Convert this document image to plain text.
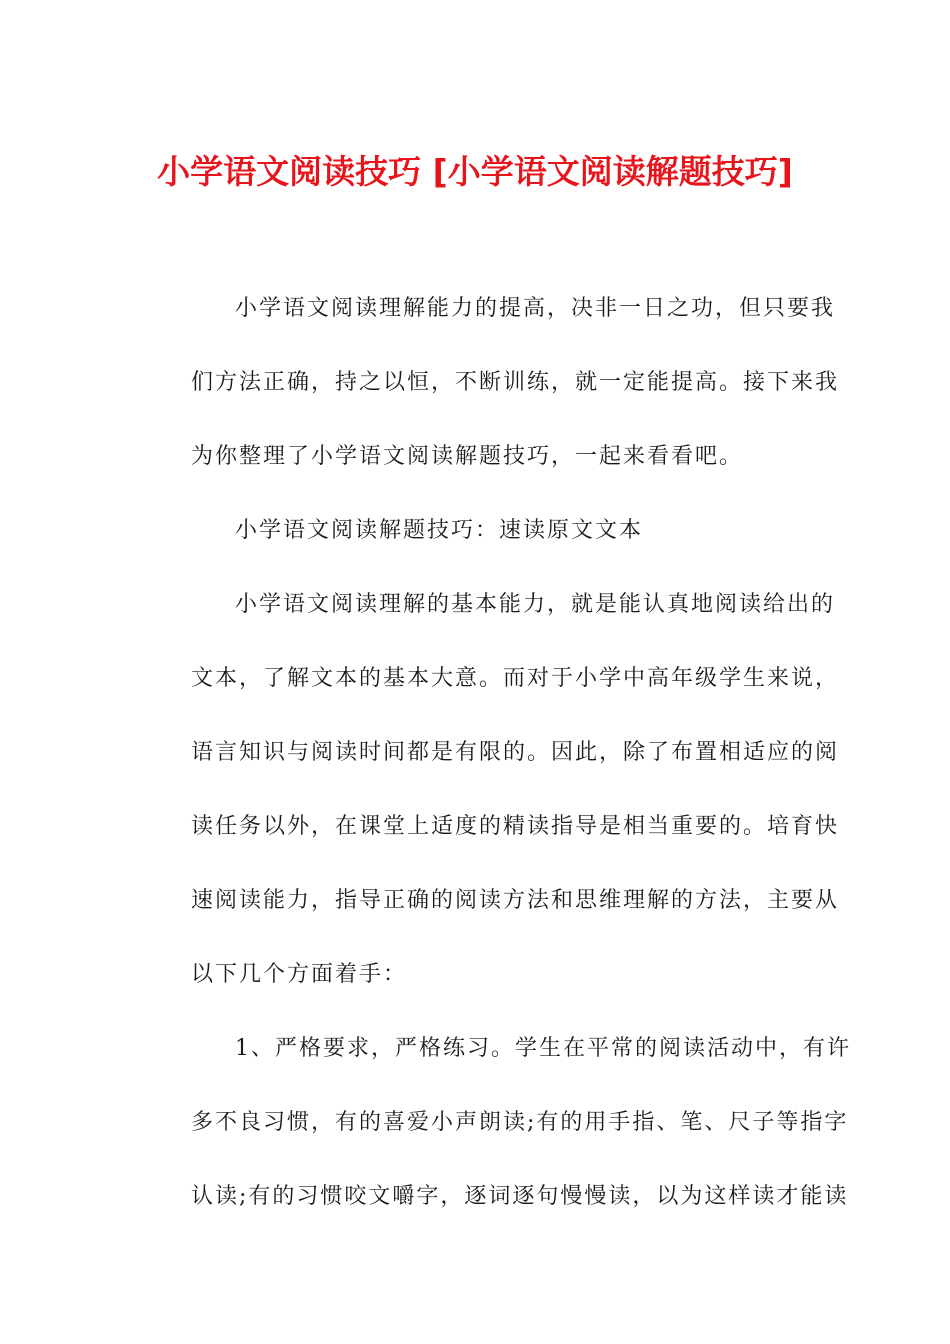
小学语文阅读技巧 [小学语文阅读解题技巧]
小学语文阅读理解能力的提高，决非一日之功，但只要我
们方法正确，持之以恒，不断训练，就一定能提高。接下来我
为你整理了小学语文阅读解题技巧，一起来看看吧。
小学语文阅读解题技巧：速读原文文本
小学语文阅读理解的基本能力，就是能认真地阅读给出的
文本，了解文本的基本大意。而对于小学中高年级学生来说，
语言知识与阅读时间都是有限的。因此，除了布置相适应的阅
读任务以外，在课堂上适度的精读指导是相当重要的。培育快
速阅读能力，指导正确的阅读方法和思维理解的方法，主要从
以下几个方面着手：
1、严格要求，严格练习。学生在平常的阅读活动中，有许
多不良习惯，有的喜爱小声朗读;有的用手指、笔、尺子等指字
认读;有的习惯咬文嚼字，逐词逐句慢慢读，以为这样读才能读
